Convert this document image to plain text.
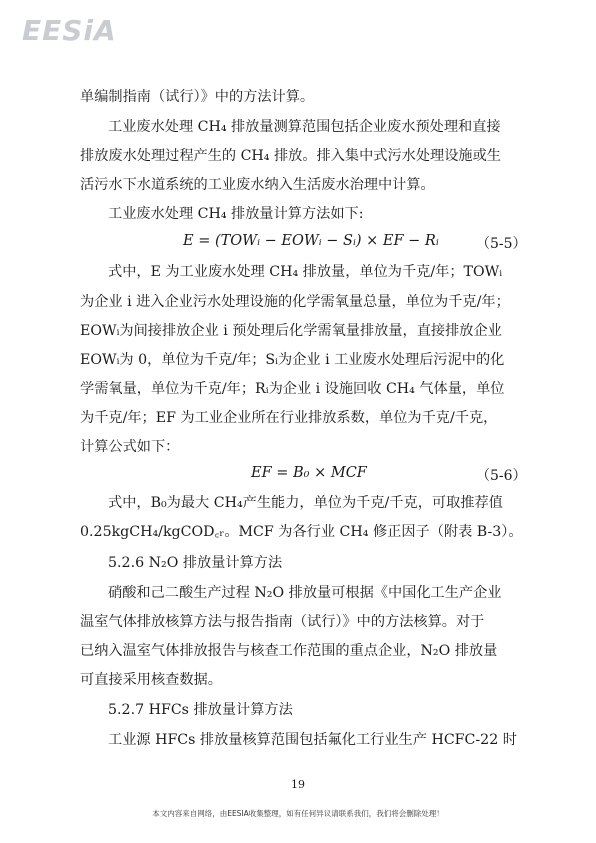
EESiA
单编制指南（试行）》中的方法计算。
工业废水处理 CH₄ 排放量测算范围包括企业废水预处理和直接
排放废水处理过程产生的 CH₄ 排放。排入集中式污水处理设施或生
活污水下水道系统的工业废水纳入生活废水治理中计算。
工业废水处理 CH₄ 排放量计算方法如下:
E = (TOWᵢ − EOWᵢ − Sᵢ) × EF − Rᵢ	（5-5）
式中，E 为工业废水处理 CH₄ 排放量，单位为千克/年；TOWᵢ
为企业 i 进入企业污水处理设施的化学需氧量总量，单位为千克/年；
EOWᵢ为间接排放企业 i 预处理后化学需氧量排放量，直接排放企业
EOWᵢ为 0，单位为千克/年；Sᵢ为企业 i 工业废水处理后污泥中的化
学需氧量，单位为千克/年；Rᵢ为企业 i 设施回收 CH₄ 气体量，单位
为千克/年；EF 为工业企业所在行业排放系数，单位为千克/千克，
计算公式如下：
EF = B₀ × MCF	（5-6）
式中，B₀为最大 CH₄产生能力，单位为千克/千克，可取推荐值
0.25kgCH₄/kgCOD꜀ᵣ。MCF 为各行业 CH₄ 修正因子（附表 B-3）。
5.2.6 N₂O 排放量计算方法
硝酸和己二酸生产过程 N₂O 排放量可根据《中国化工生产企业
温室气体排放核算方法与报告指南（试行）》中的方法核算。对于
已纳入温室气体排放报告与核查工作范围的重点企业，N₂O 排放量
可直接采用核查数据。
5.2.7 HFCs 排放量计算方法
工业源 HFCs 排放量核算范围包括氟化工行业生产 HCFC-22 时
19
本文内容来自网络，由EESIA收集整理，如有任何异议请联系我们，我们将会删除处理！
